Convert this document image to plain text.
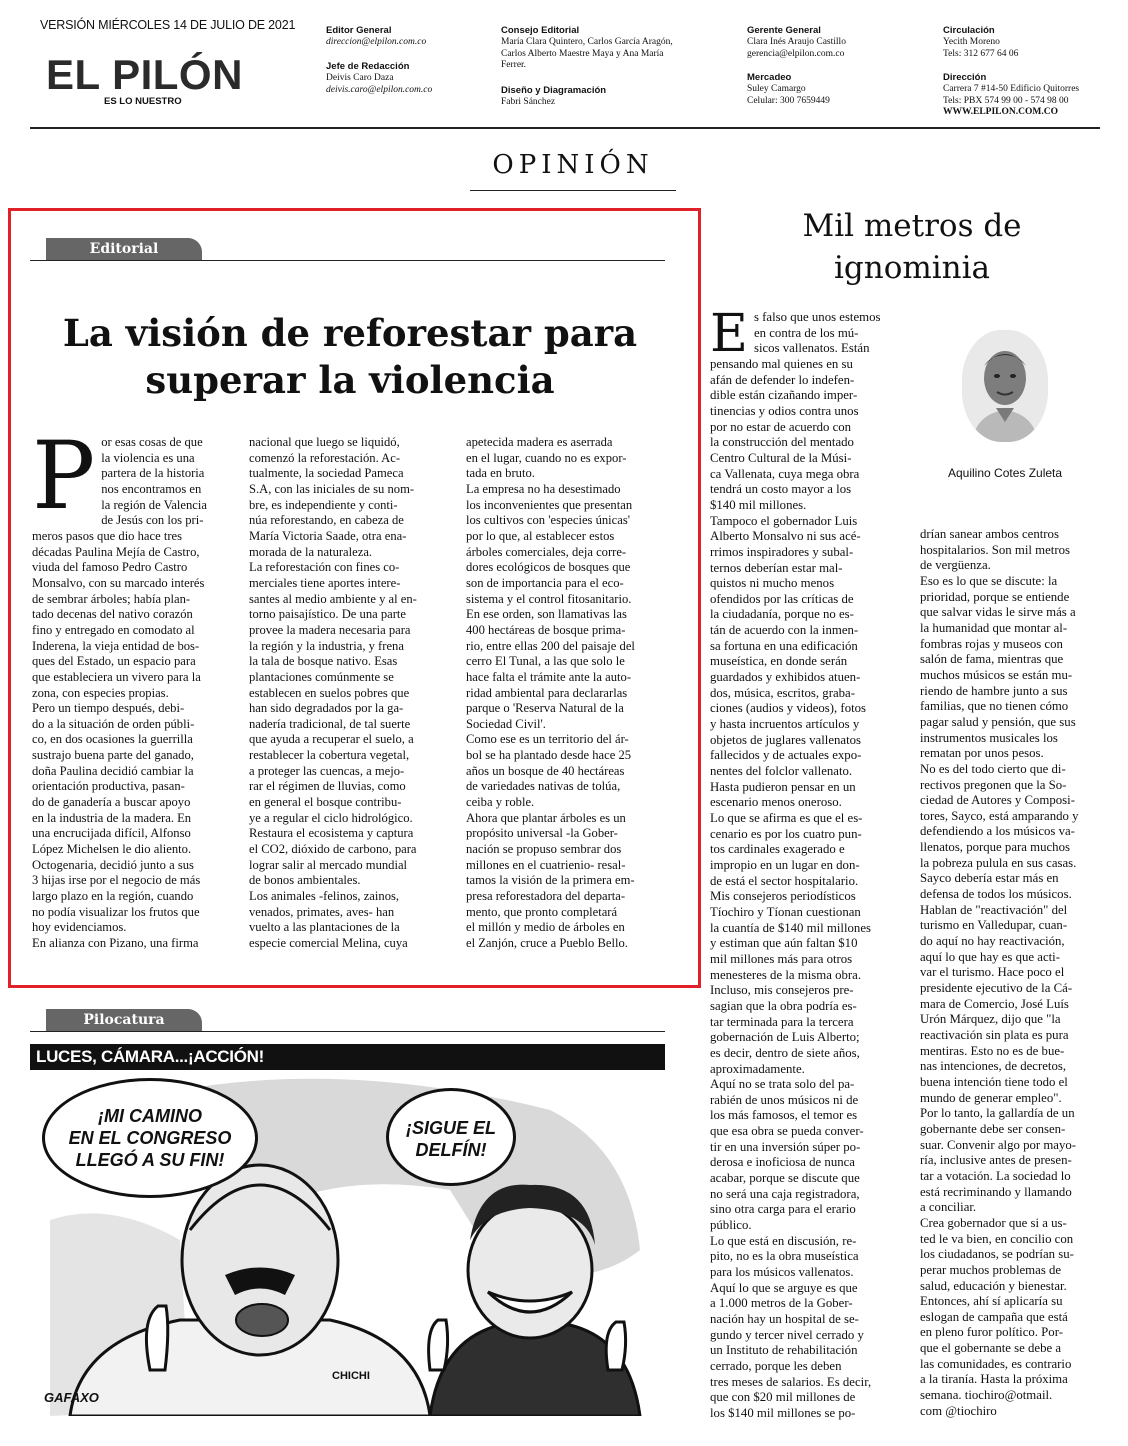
VERSIÓN MIÉRCOLES 14 DE JULIO DE 2021
EL PILÓN
ES LO NUESTRO
Editor General
direccion@elpilon.com.co
Jefe de Redacción
Deivis Caro Daza
deivis.caro@elpilon.com.co
Consejo Editorial
María Clara Quintero, Carlos García Aragón,
Carlos Alberto Maestre Maya y Ana María
Ferrer.
Diseño y Diagramación
Fabri Sánchez
Gerente General
Clara Inés Araujo Castillo
gerencia@elpilon.com.co
Mercadeo
Suley Camargo
Celular: 300 7659449
Circulación
Yecith Moreno
Tels: 312 677 64 06
Dirección
Carrera 7 #14-50 Edificio Quitorres
Tels: PBX 574 99 00 - 574 98 00
WWW.ELPILON.COM.CO
OPINIÓN
Editorial
La visión de reforestar para
superar la violencia
P or esas cosas de que
la violencia es una
partera de la historia
nos encontramos en
la región de Valencia
de Jesús con los pri-

meros pasos que dio hace tres
décadas Paulina Mejía de Castro,
viuda del famoso Pedro Castro
Monsalvo, con su marcado interés
de sembrar árboles; había plan-
tado decenas del nativo corazón
fino y entregado en comodato al
Inderena, la vieja entidad de bos-
ques del Estado, un espacio para
que estableciera un vivero para la
zona, con especies propias.
Pero un tiempo después, debi-
do a la situación de orden públi-
co, en dos ocasiones la guerrilla
sustrajo buena parte del ganado,
doña Paulina decidió cambiar la
orientación productiva, pasan-
do de ganadería a buscar apoyo
en la industria de la madera. En
una encrucijada difícil, Alfonso
López Michelsen le dio aliento.
Octogenaria, decidió junto a sus
3 hijas irse por el negocio de más
largo plazo en la región, cuando
no podía visualizar los frutos que
hoy evidenciamos.
En alianza con Pizano, una firma

nacional que luego se liquidó,
comenzó la reforestación. Ac-
tualmente, la sociedad Pameca
S.A, con las iniciales de su nom-
bre, es independiente y conti-
núa reforestando, en cabeza de
María Victoria Saade, otra ena-
morada de la naturaleza.
La reforestación con fines co-
merciales tiene aportes intere-
santes al medio ambiente y al en-
torno paisajístico. De una parte
provee la madera necesaria para
la región y la industria, y frena
la tala de bosque nativo. Esas
plantaciones comúnmente se
establecen en suelos pobres que
han sido degradados por la ga-
nadería tradicional, de tal suerte
que ayuda a recuperar el suelo, a
restablecer la cobertura vegetal,
a proteger las cuencas, a mejo-
rar el régimen de lluvias, como
en general el bosque contribu-
ye a regular el ciclo hidrológico.
Restaura el ecosistema y captura
el CO2, dióxido de carbono, para
lograr salir al mercado mundial
de bonos ambientales.
Los animales -felinos, zainos,
venados, primates, aves- han
vuelto a las plantaciones de la
especie comercial Melina, cuya

apetecida madera es aserrada
en el lugar, cuando no es expor-
tada en bruto.
La empresa no ha desestimado
los inconvenientes que presentan
los cultivos con 'especies únicas'
por lo que, al establecer estos
árboles comerciales, deja corre-
dores ecológicos de bosques que
son de importancia para el eco-
sistema y el control fitosanitario.
En ese orden, son llamativas las
400 hectáreas de bosque prima-
rio, entre ellas 200 del paisaje del
cerro El Tunal, a las que solo le
hace falta el trámite ante la auto-
ridad ambiental para declararlas
parque o 'Reserva Natural de la
Sociedad Civil'.
Como ese es un territorio del ár-
bol se ha plantado desde hace 25
años un bosque de 40 hectáreas
de variedades nativas de tolúa,
ceiba y roble.
Ahora que plantar árboles es un
propósito universal -la Gober-
nación se propuso sembrar dos
millones en el cuatrienio- resal-
tamos la visión de la primera em-
presa reforestadora del departa-
mento, que pronto completará
el millón y medio de árboles en
el Zanjón, cruce a Pueblo Bello.

Mil metros de
ignominia
Aquilino Cotes Zuleta
E s falso que unos estemos
en contra de los mú-
sicos vallenatos. Están

pensando mal quienes en su
afán de defender lo indefen-
dible están cizañando imper-
tinencias y odios contra unos
por no estar de acuerdo con
la construcción del mentado
Centro Cultural de la Músi-
ca Vallenata, cuya mega obra
tendrá un costo mayor a los
$140 mil millones.
Tampoco el gobernador Luis
Alberto Monsalvo ni sus acé-
rrimos inspiradores y subal-
ternos deberían estar mal-
quistos ni mucho menos
ofendidos por las críticas de
la ciudadanía, porque no es-
tán de acuerdo con la inmen-
sa fortuna en una edificación
museística, en donde serán
guardados y exhibidos atuen-
dos, música, escritos, graba-
ciones (audios y videos), fotos
y hasta incruentos artículos y
objetos de juglares vallenatos
fallecidos y de actuales expo-
nentes del folclor vallenato.
Hasta pudieron pensar en un
escenario menos oneroso.
Lo que se afirma es que el es-
cenario es por los cuatro pun-
tos cardinales exagerado e
impropio en un lugar en don-
de está el sector hospitalario.
Mis consejeros periodísticos
Tíochiro y Tíonan cuestionan
la cuantía de $140 mil millones
y estiman que aún faltan $10
mil millones más para otros
menesteres de la misma obra.
Incluso, mis consejeros pre-
sagian que la obra podría es-
tar terminada para la tercera
gobernación de Luis Alberto;
es decir, dentro de siete años,
aproximadamente.
Aquí no se trata solo del pa-
rabién de unos músicos ni de
los más famosos, el temor es
que esa obra se pueda conver-
tir en una inversión súper po-
derosa e inoficiosa de nunca
acabar, porque se discute que
no será una caja registradora,
sino otra carga para el erario
público.
Lo que está en discusión, re-
pito, no es la obra museística
para los músicos vallenatos.
Aquí lo que se arguye es que
a 1.000 metros de la Gober-
nación hay un hospital de se-
gundo y tercer nivel cerrado y
un Instituto de rehabilitación
cerrado, porque les deben
tres meses de salarios. Es decir,
que con $20 mil millones de
los $140 mil millones se po-

drían sanear ambos centros
hospitalarios. Son mil metros
de vergüenza.
Eso es lo que se discute: la
prioridad, porque se entiende
que salvar vidas le sirve más a
la humanidad que montar al-
fombras rojas y museos con
salón de fama, mientras que
muchos músicos se están mu-
riendo de hambre junto a sus
familias, que no tienen cómo
pagar salud y pensión, que sus
instrumentos musicales los
rematan por unos pesos.
No es del todo cierto que di-
rectivos pregonen que la So-
ciedad de Autores y Composi-
tores, Sayco, está amparando y
defendiendo a los músicos va-
llenatos, porque para muchos
la pobreza pulula en sus casas.
Sayco debería estar más en
defensa de todos los músicos.
Hablan de "reactivación" del
turismo en Valledupar, cuan-
do aquí no hay reactivación,
aquí lo que hay es que acti-
var el turismo. Hace poco el
presidente ejecutivo de la Cá-
mara de Comercio, José Luís
Urón Márquez, dijo que "la
reactivación sin plata es pura
mentiras. Esto no es de bue-
nas intenciones, de decretos,
buena intención tiene todo el
mundo de generar empleo".
Por lo tanto, la gallardía de un
gobernante debe ser consen-
suar. Convenir algo por mayo-
ría, inclusive antes de presen-
tar a votación. La sociedad lo
está recriminando y llamando
a conciliar.
Crea gobernador que si a us-
ted le va bien, en concilio con
los ciudadanos, se podrían su-
perar muchos problemas de
salud, educación y bienestar.
Entonces, ahí sí aplicaría su
eslogan de campaña que está
en pleno furor político. Por-
que el gobernante se debe a
las comunidades, es contrario
a la tiranía. Hasta la próxima
semana. tiochiro@otmail.
com @tiochiro

Pilocatura
LUCES, CÁMARA...¡ACCIÓN!
¡MI CAMINO
EN EL CONGRESO
LLEGÓ A SU FIN!
¡SIGUE EL
DELFÍN!
CHICHI
GAFAXO
